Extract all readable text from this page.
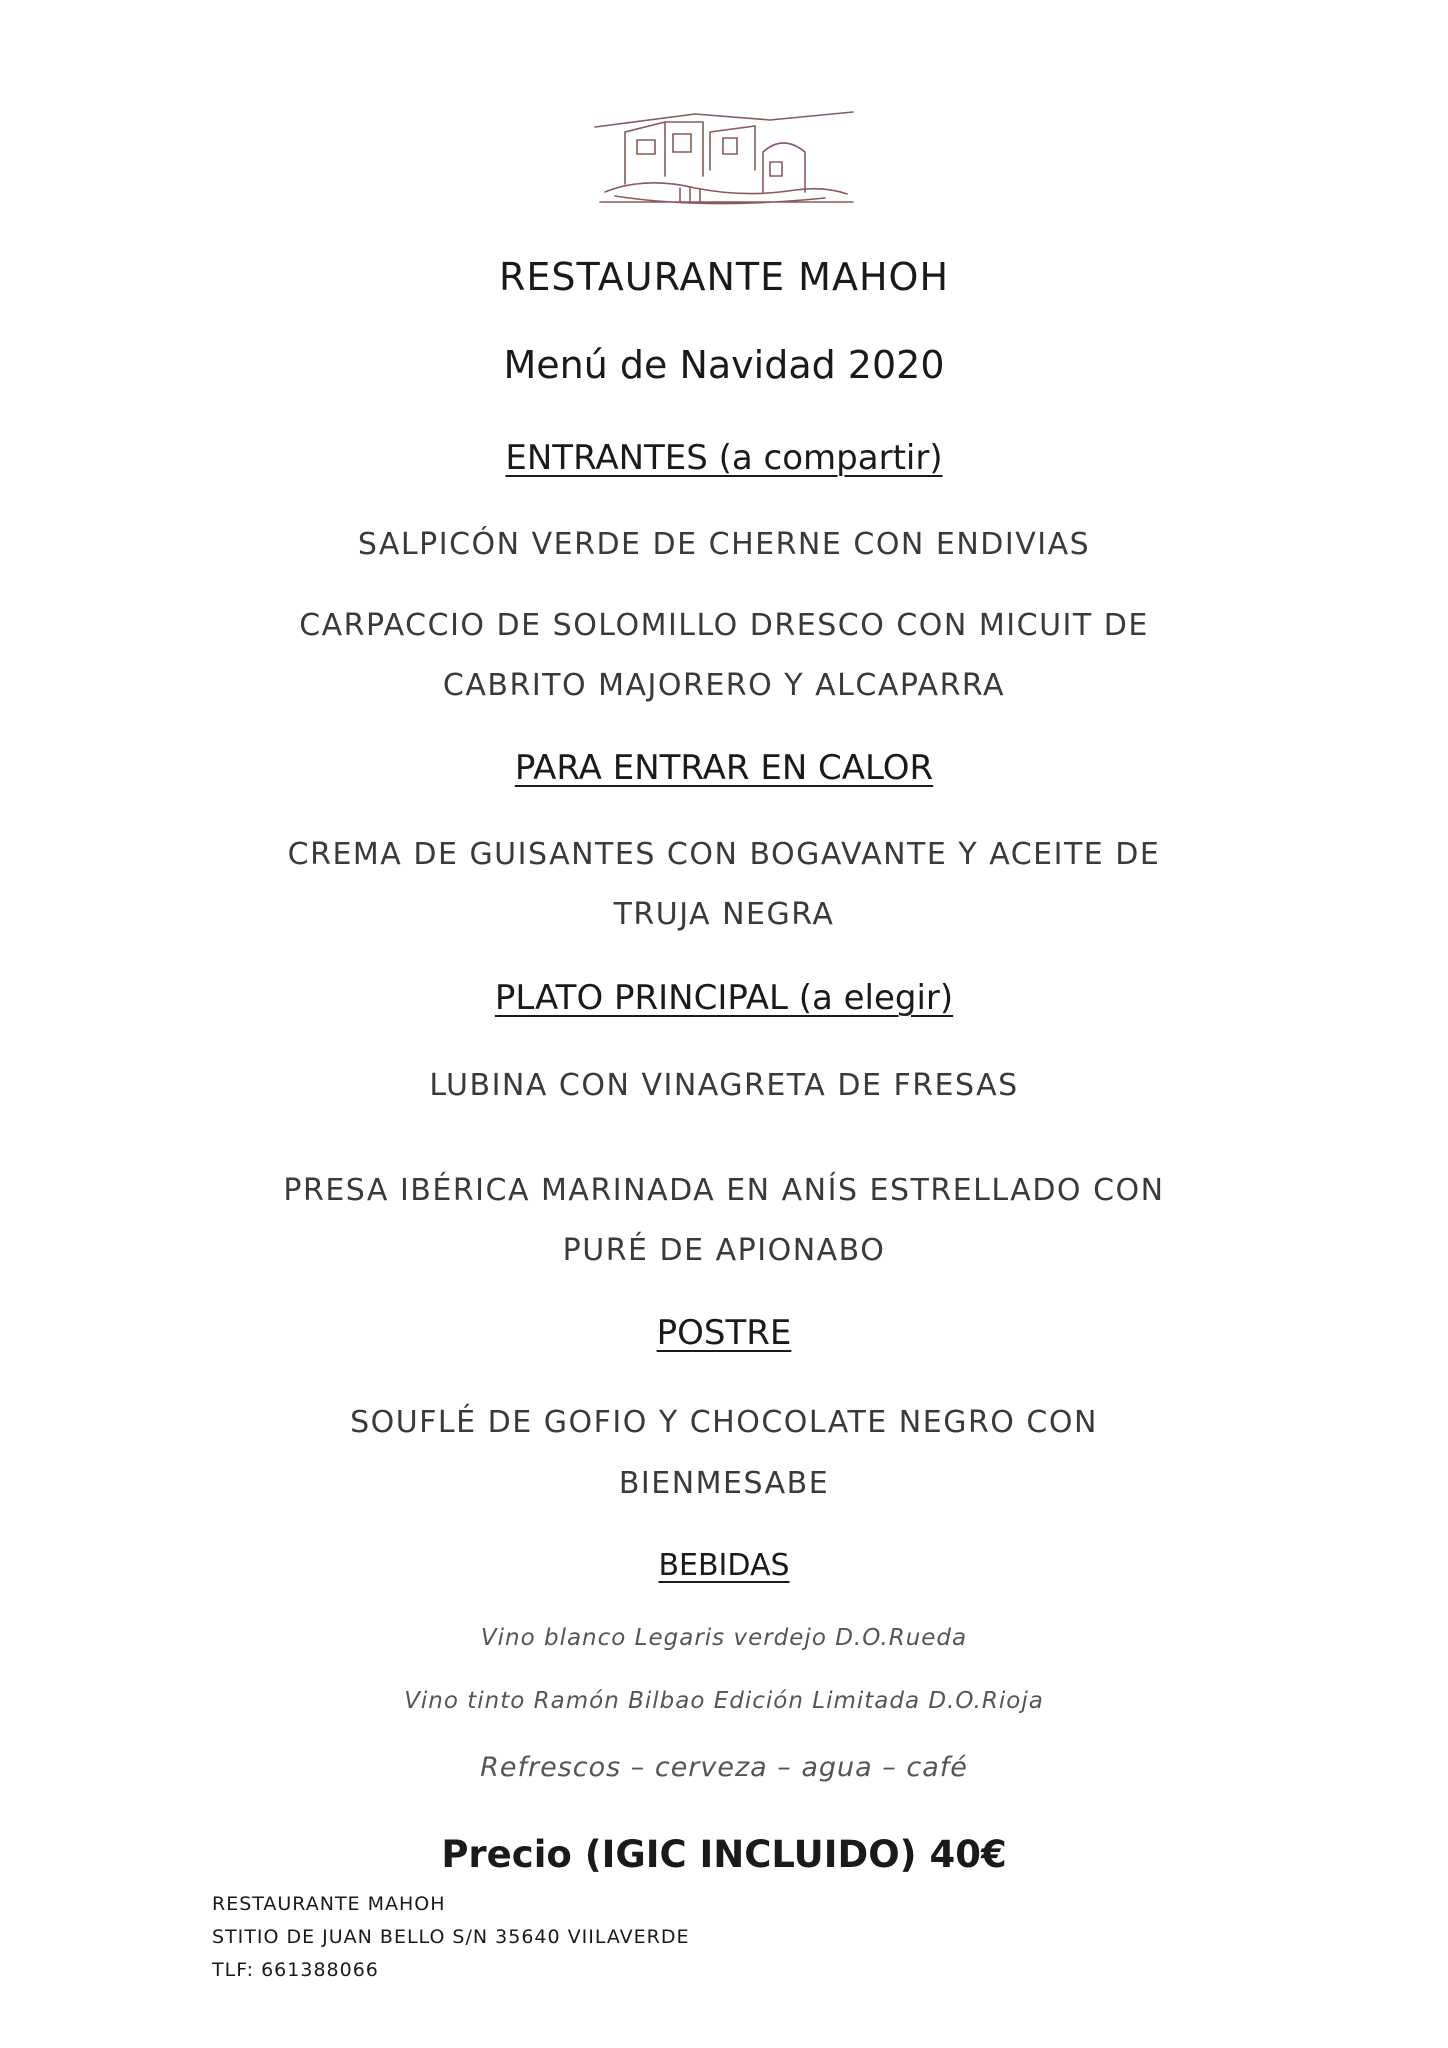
RESTAURANTE MAHOH
Menú de Navidad 2020
ENTRANTES (a compartir)
SALPICÓN VERDE DE CHERNE CON ENDIVIAS
CARPACCIO DE SOLOMILLO DRESCO CON MICUIT DE
CABRITO MAJORERO Y ALCAPARRA
PARA ENTRAR EN CALOR
CREMA DE GUISANTES CON BOGAVANTE Y ACEITE DE
TRUJA NEGRA
PLATO PRINCIPAL (a elegir)
LUBINA CON VINAGRETA DE FRESAS
PRESA IBÉRICA MARINADA EN ANÍS ESTRELLADO CON
PURÉ DE APIONABO
POSTRE
SOUFLÉ DE GOFIO Y CHOCOLATE NEGRO CON
BIENMESABE
BEBIDAS
Vino blanco Legaris verdejo D.O.Rueda
Vino tinto Ramón Bilbao Edición Limitada D.O.Rioja
Refrescos – cerveza – agua – café
Precio (IGIC INCLUIDO) 40€
RESTAURANTE MAHOH
STITIO DE JUAN BELLO S/N 35640 VIILAVERDE
TLF: 661388066
